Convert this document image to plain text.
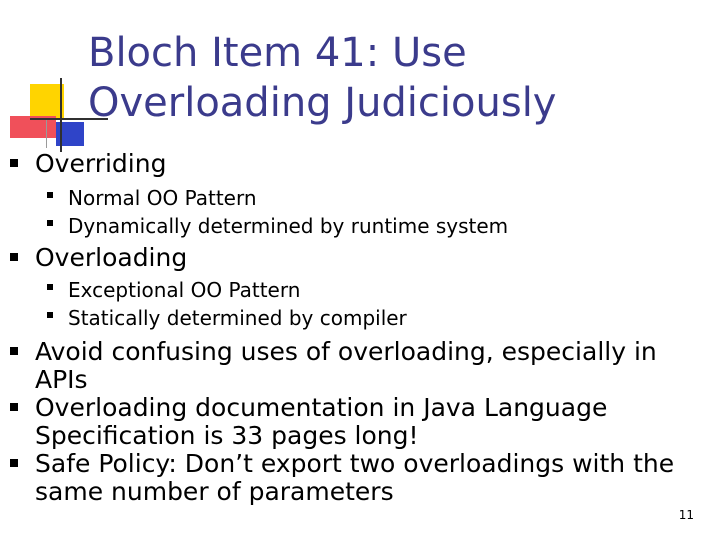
Bloch Item 41: Use Overloading Judiciously
Overriding
Normal OO Pattern
Dynamically determined by runtime system
Overloading
Exceptional OO Pattern
Statically determined by compiler
Avoid confusing uses of overloading, especially in APIs
Overloading documentation in Java Language Specification is 33 pages long!
Safe Policy: Don’t export two overloadings with the same number of parameters
11
